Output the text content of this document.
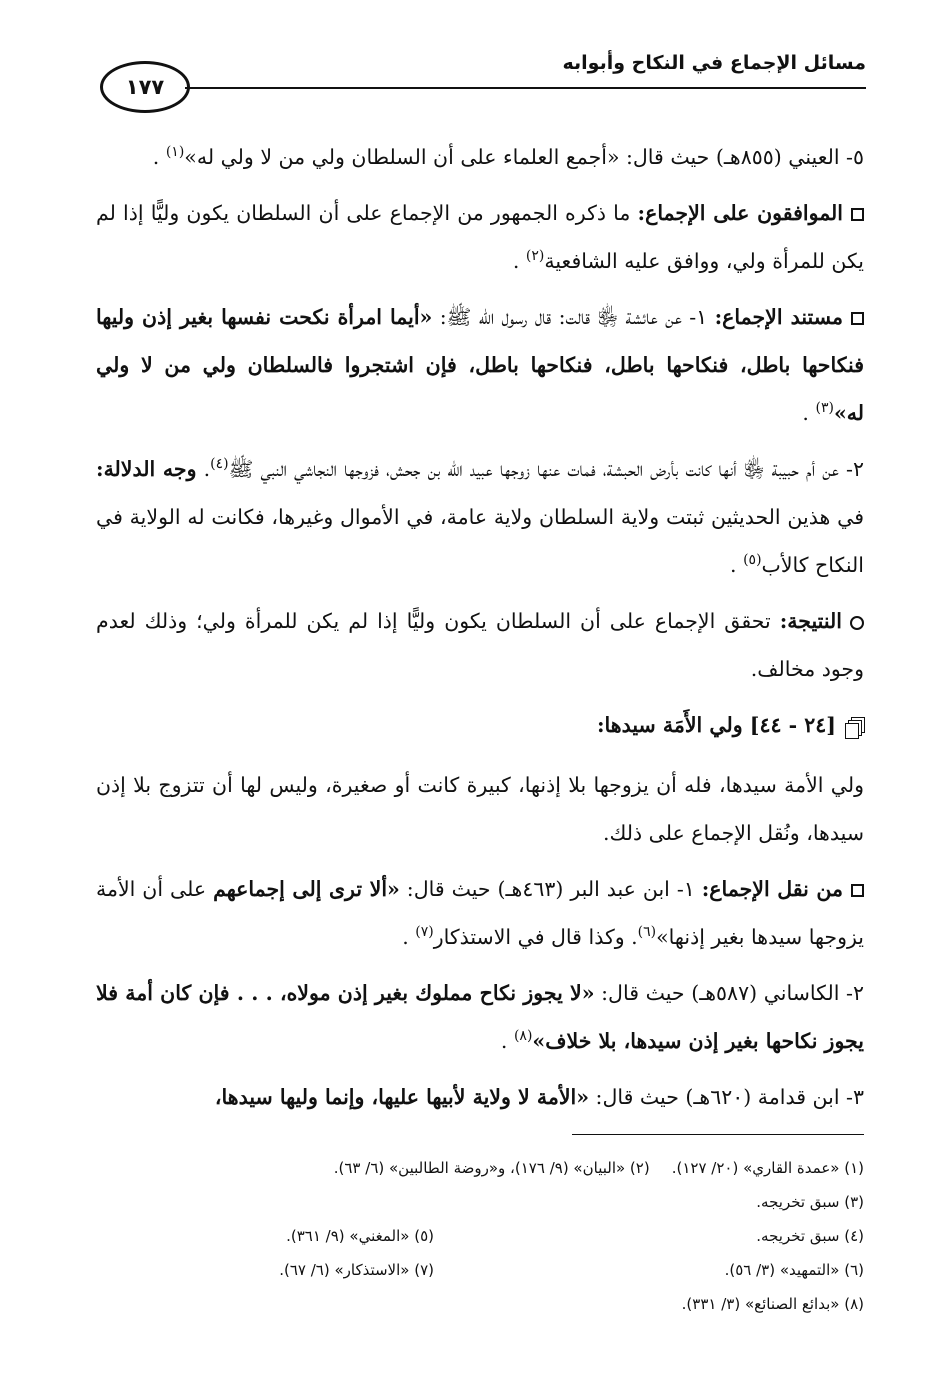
مسائل الإجماع في النكاح وأبوابه
١٧٧

٥- العيني (٨٥٥هـ) حيث قال: «أجمع العلماء على أن السلطان ولي من لا ولي له»$^{(١)}$ .

الموافقون على الإجماع: ما ذكره الجمهور من الإجماع على أن السلطان يكون وليًّا إذا لم يكن للمرأة ولي، ووافق عليه الشافعية$^{(٢)}$ .

مستند الإجماع: ١- عن عائشة ﵂ قالت: قال رسول الله ﷺ: «أيما امرأة نكحت نفسها بغير إذن وليها فنكاحها باطل، فنكاحها باطل، فنكاحها باطل، فإن اشتجروا فالسلطان ولي من لا ولي له»$^{(٣)}$ .

٢- عن أم حبيبة ﵂ أنها كانت بأرض الحبشة، فمات عنها زوجها عبيد الله بن جحش، فزوجها النجاشي النبي ﷺ$^{(٤)}$. وجه الدلالة: في هذين الحديثين ثبتت ولاية السلطان ولاية عامة، في الأموال وغيرها، فكانت له الولاية في النكاح كالأب$^{(٥)}$ .

النتيجة: تحقق الإجماع على أن السلطان يكون وليًّا إذا لم يكن للمرأة ولي؛ وذلك لعدم وجود مخالف.

[٢٤ - ٤٤] ولي الأَمَة سيدها:

ولي الأمة سيدها، فله أن يزوجها بلا إذنها، كبيرة كانت أو صغيرة، وليس لها أن تتزوج بلا إذن سيدها، ونُقل الإجماع على ذلك.

من نقل الإجماع: ١- ابن عبد البر (٤٦٣هـ) حيث قال: «ألا ترى إلى إجماعهم على أن الأمة يزوجها سيدها بغير إذنها»$^{(٦)}$. وكذا قال في الاستذكار$^{(٧)}$ .

٢- الكاساني (٥٨٧هـ) حيث قال: «لا يجوز نكاح مملوك بغير إذن مولاه، . . . فإن كان أمة فلا يجوز نكاحها بغير إذن سيدها، بلا خلاف»$^{(٨)}$ .

٣- ابن قدامة (٦٢٠هـ) حيث قال: «الأمة لا ولاية لأبيها عليها، وإنما وليها سيدها،

(١) «عمدة القاري» (٢٠/ ١٢٧).
(٢) «البيان» (٩/ ١٧٦)، و«روضة الطالبين» (٦/ ٦٣).
(٣) سبق تخريجه.
(٤) سبق تخريجه.
(٥) «المغني» (٩/ ٣٦١).
(٦) «التمهيد» (٣/ ٥٦).
(٧) «الاستذكار» (٦/ ٦٧).
(٨) «بدائع الصنائع» (٣/ ٣٣١).
